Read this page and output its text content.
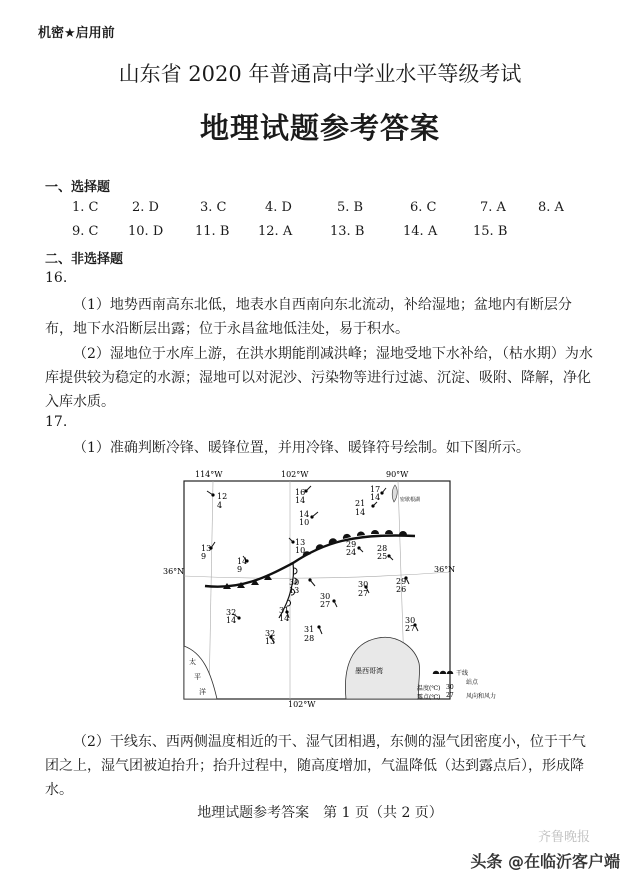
机密★启用前
山东省 2020 年普通高中学业水平等级考试
地理试题参考答案
一、选择题
1. C	2. D	3. C	4. D	5. B	6. C	7. A 8. A
9. C 10. D 11. B 12. A	13. B	14. A	15. B
二、非选择题
16.
（1）地势西南高东北低，地表水自西南向东北流动，补给湿地；盆地内有断层分布，地下水沿断层出露；位于永昌盆地低洼处，易于积水。
（2）湿地位于水库上游，在洪水期能削减洪峰；湿地受地下水补给，（枯水期）为水库提供较为稳定的水源；湿地可以对泥沙、污染物等进行过滤、沉淀、吸附、降解，净化入库水质。
17.
（1）准确判断冷锋、暖锋位置，并用冷锋、暖锋符号绘制。如下图所示。
114°W	102°W	90°W
36°N	36°N
太
平
洋
墨西哥湾
密歇根湖
12
4
16
14
17
14
21
14
14
10
13
9
14
9
13
10
29
24	28
25
30
13
29
26
30
27
30
27
32
14
31
14
32
13
31
28
30
27
干线
温度(℃)
露点(℃)
30
27
站点
风向和风力
102°W
（2）干线东、西两侧温度相近的干、湿气团相遇，东侧的湿气团密度小，位于干气团之上，湿气团被迫抬升；抬升过程中，随高度增加，气温降低（达到露点后），形成降水。
地理试题参考答案　第 1 页（共 2 页）
齐鲁晚报
头条 @在临沂客户端
